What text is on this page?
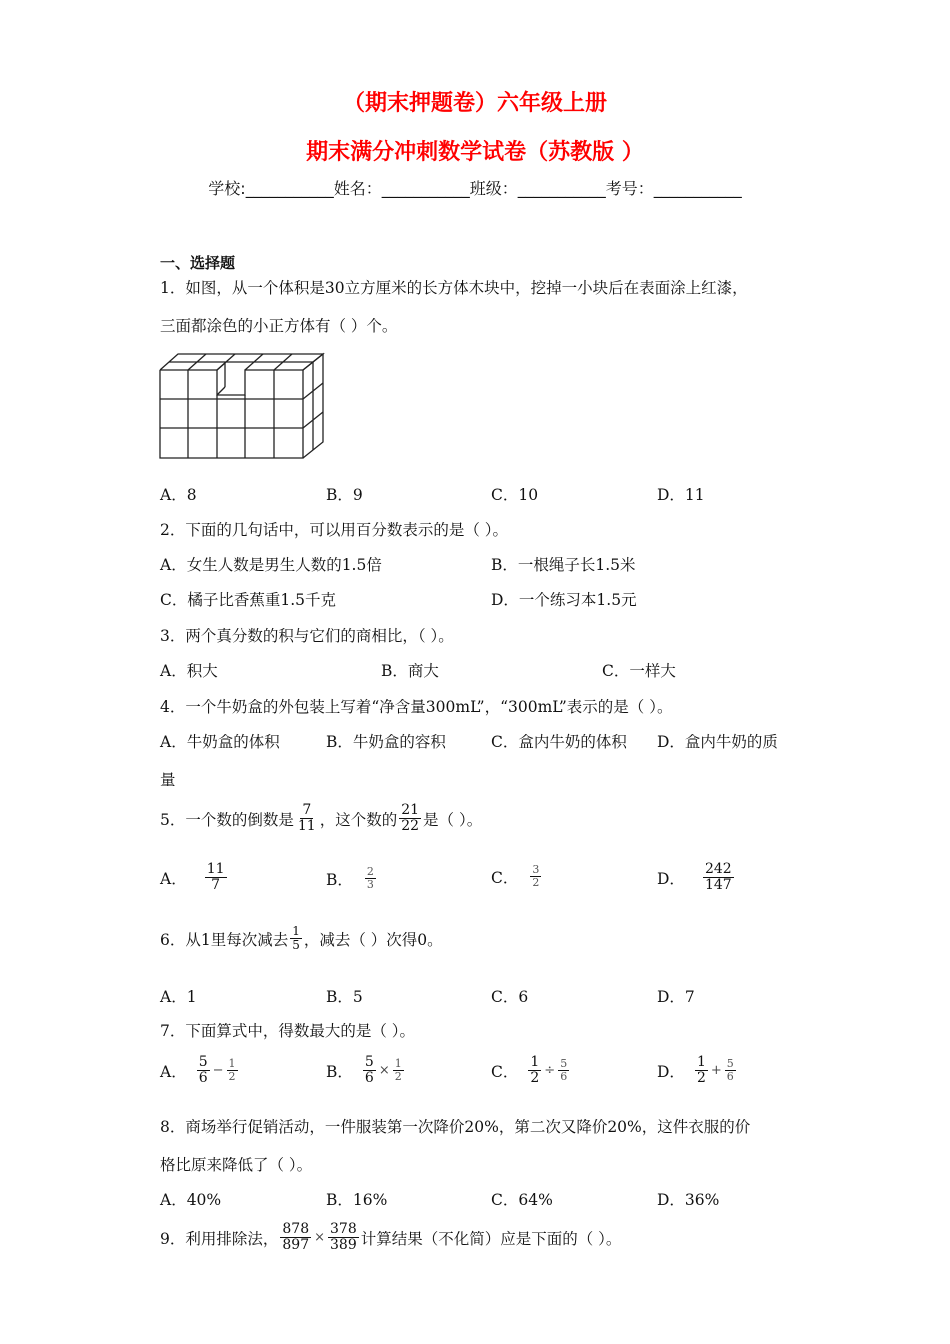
（期末押题卷）六年级上册
期末满分冲刺数学试卷（苏教版 ）
学校:___________姓名：___________班级：___________考号：___________
一、选择题
1．如图，从一个体积是30立方厘米的长方体木块中，挖掉一小块后在表面涂上红漆，
三面都涂色的小正方体有（ ）个。
A．8	B．9	C．10	D．11
2．下面的几句话中，可以用百分数表示的是（ ）。
A．女生人数是男生人数的1.5倍	B．一根绳子长1.5米
C．橘子比香蕉重1.5千克	D．一个练习本1.5元
3．两个真分数的积与它们的商相比，（ ）。
A．积大	B．商大	C．一样大
4．一个牛奶盒的外包装上写着“净含量300mL”，“300mL”表示的是（ ）。
A．牛奶盒的体积	B．牛奶盒的容积	C．盒内牛奶的体积 D．盒内牛奶的质
量
5．一个数的倒数是 $\frac{7}{11}$ ，这个数的 $\frac{21}{22}$ 是（ ）。
A． $\frac{11}{7}$	B． $\frac{2}{3}$	C． $\frac{3}{2}$	D． $\frac{242}{147}$
6．从1里每次减去 $\frac{1}{5}$ ，减去（ ）次得0。
A．1	B．5	C．6	D．7
7．下面算式中，得数最大的是（ ）。
A． $\frac{5}{6} - \frac{1}{2}$	B． $\frac{5}{6} \times \frac{1}{2}$	C． $\frac{1}{2} \div \frac{5}{6}$	D． $\frac{1}{2} + \frac{5}{6}$
8．商场举行促销活动，一件服装第一次降价20%，第二次又降价20%，这件衣服的价
格比原来降低了（ ）。
A．40%	B．16%	C．64%	D．36%
9．利用排除法， $\frac{878}{897} \times \frac{378}{389}$ 计算结果（不化简）应是下面的（ ）。
